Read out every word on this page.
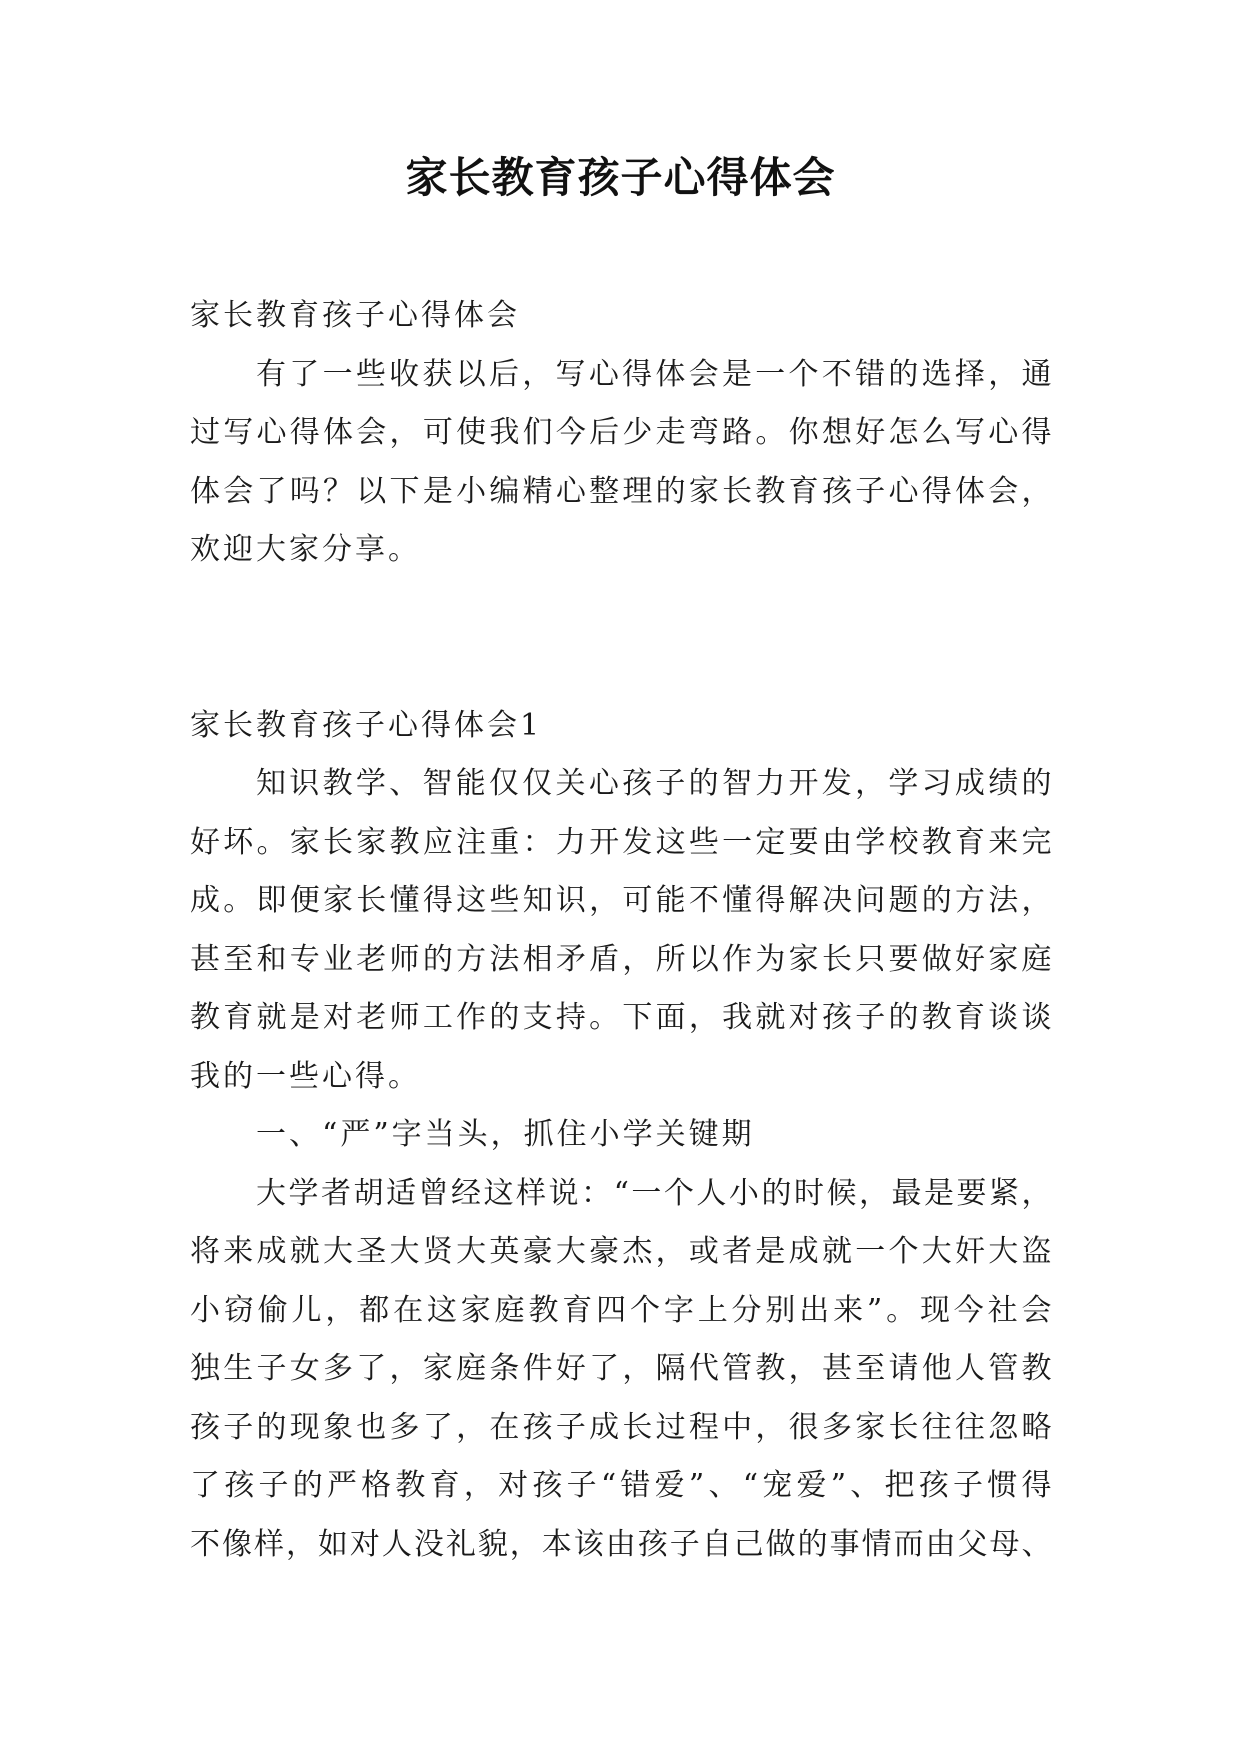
家长教育孩子心得体会
家长教育孩子心得体会
有了一些收获以后，写心得体会是一个不错的选择，通
过写心得体会，可使我们今后少走弯路。你想好怎么写心得
体会了吗？以下是小编精心整理的家长教育孩子心得体会，
欢迎大家分享。
家长教育孩子心得体会1
知识教学、智能仅仅关心孩子的智力开发，学习成绩的
好坏。家长家教应注重：力开发这些一定要由学校教育来完
成。即便家长懂得这些知识，可能不懂得解决问题的方法，
甚至和专业老师的方法相矛盾，所以作为家长只要做好家庭
教育就是对老师工作的支持。下面，我就对孩子的教育谈谈
我的一些心得。
一、“严”字当头，抓住小学关键期
大学者胡适曾经这样说：“一个人小的时候，最是要紧，
将来成就大圣大贤大英豪大豪杰，或者是成就一个大奸大盗
小窃偷儿，都在这家庭教育四个字上分别出来”。现今社会
独生子女多了，家庭条件好了，隔代管教，甚至请他人管教
孩子的现象也多了，在孩子成长过程中，很多家长往往忽略
了孩子的严格教育，对孩子“错爱”、“宠爱”、把孩子惯得
不像样，如对人没礼貌，本该由孩子自己做的事情而由父母、
